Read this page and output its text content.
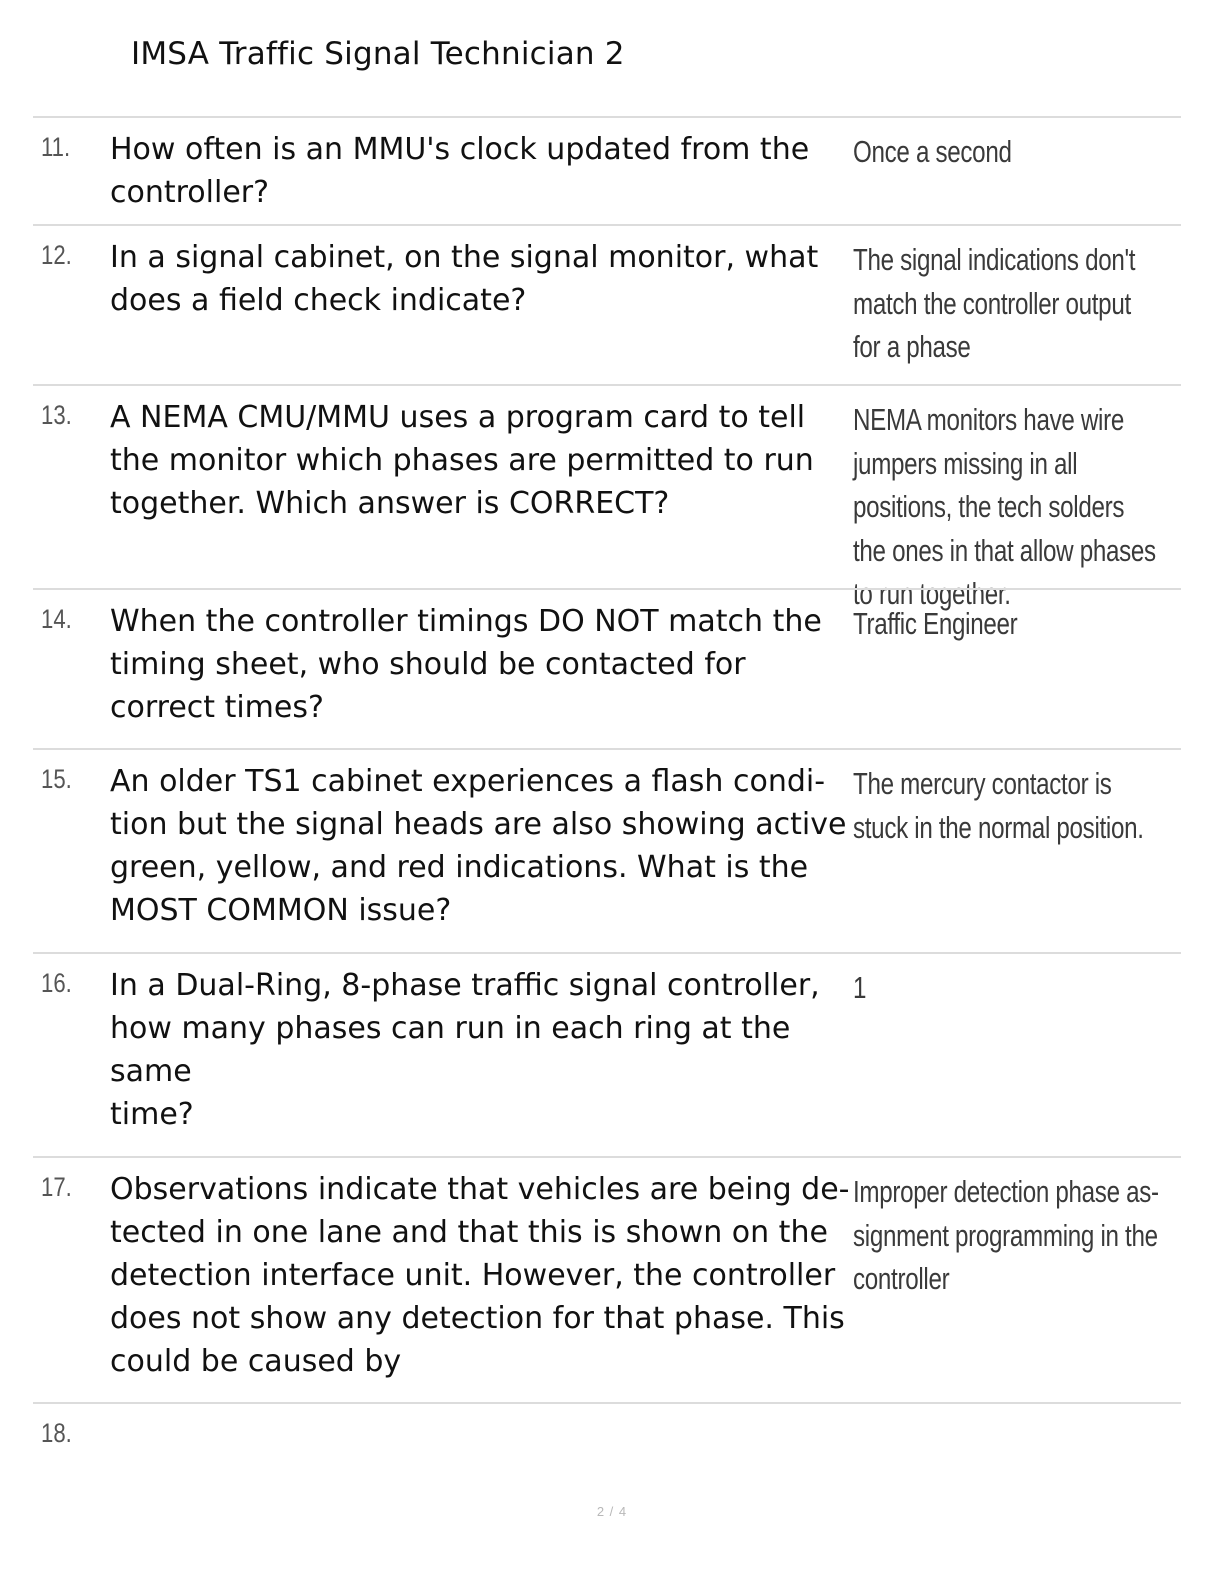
IMSA Traffic Signal Technician 2
11. How often is an MMU's clock updated from the controller?
Once a second
12. In a signal cabinet, on the signal monitor, what does a field check indicate?
The signal indications don't match the controller output for a phase
13. A NEMA CMU/MMU uses a program card to tell the monitor which phases are permitted to run together. Which answer is CORRECT?
NEMA monitors have wire jumpers missing in all positions, the tech solders the ones in that allow phases to run together.
14. When the controller timings DO NOT match the timing sheet, who should be contacted for correct times?
Traffic Engineer
15. An older TS1 cabinet experiences a flash condi- tion but the signal heads are also showing active green, yellow, and red indications. What is the MOST COMMON issue?
The mercury contactor is stuck in the normal position.
16. In a Dual-Ring, 8-phase traffic signal controller, how many phases can run in each ring at the same
time?
1
17. Observations indicate that vehicles are being de- tected in one lane and that this is shown on the detection interface unit. However, the controller does not show any detection for that phase. This could be caused by
Improper detection phase as- signment programming in the controller
18.
2 / 4
